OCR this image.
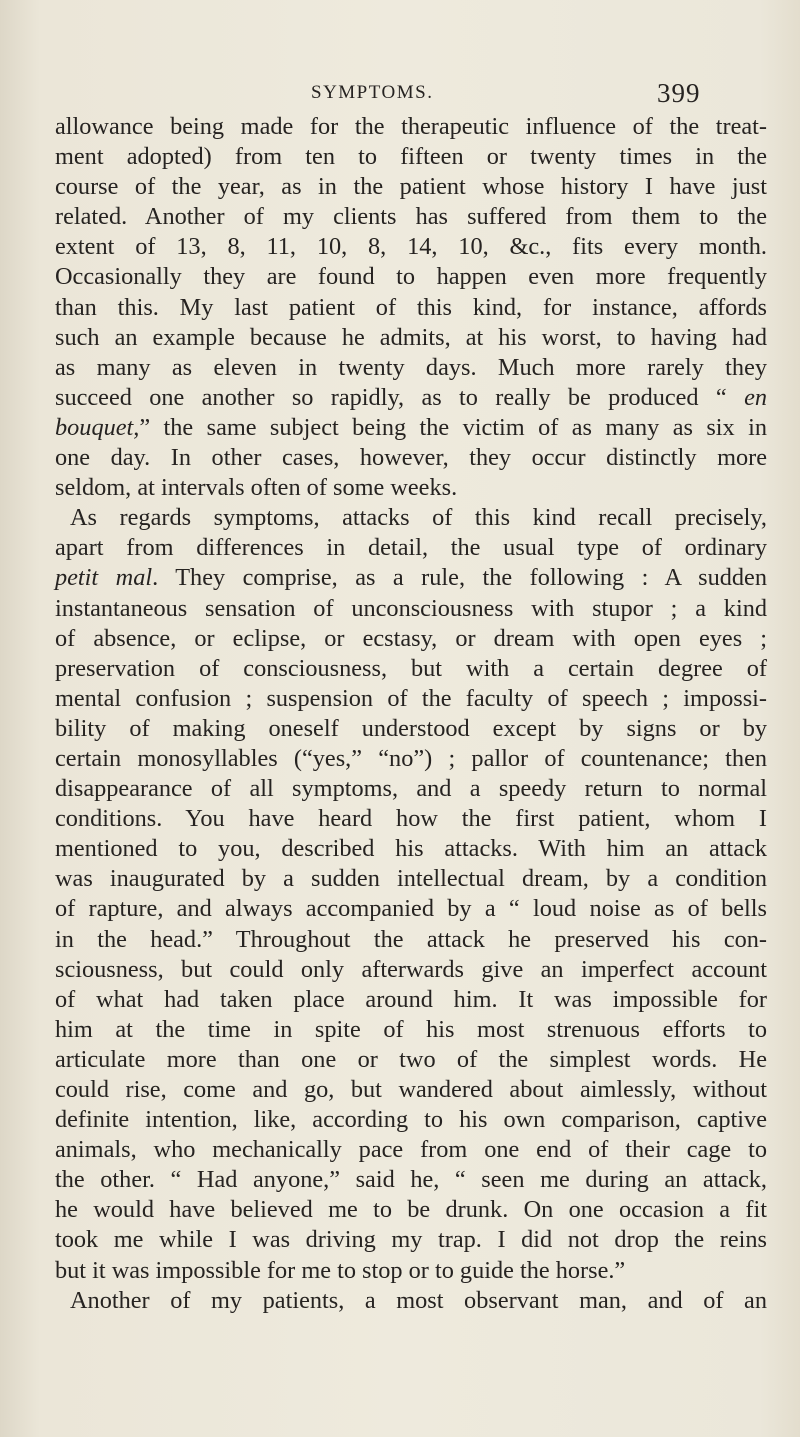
SYMPTOMS.	399
allowance being made for the therapeutic influence of the treat-
ment adopted) from ten to fifteen or twenty times in the
course of the year, as in the patient whose history I have just
related. Another of my clients has suffered from them to the
extent of 13, 8, 11, 10, 8, 14, 10, &c., fits every month.
Occasionally they are found to happen even more frequently
than this. My last patient of this kind, for instance, affords
such an example because he admits, at his worst, to having had
as many as eleven in twenty days. Much more rarely they
succeed one another so rapidly, as to really be produced “ en
bouquet,” the same subject being the victim of as many as six in
one day. In other cases, however, they occur distinctly more
seldom, at intervals often of some weeks.
As regards symptoms, attacks of this kind recall precisely,
apart from differences in detail, the usual type of ordinary
petit mal. They comprise, as a rule, the following : A sudden
instantaneous sensation of unconsciousness with stupor ; a kind
of absence, or eclipse, or ecstasy, or dream with open eyes ;
preservation of consciousness, but with a certain degree of
mental confusion ; suspension of the faculty of speech ; impossi-
bility of making oneself understood except by signs or by
certain monosyllables (“yes,” “no”) ; pallor of countenance; then
disappearance of all symptoms, and a speedy return to normal
conditions. You have heard how the first patient, whom I
mentioned to you, described his attacks. With him an attack
was inaugurated by a sudden intellectual dream, by a condition
of rapture, and always accompanied by a “ loud noise as of bells
in the head.” Throughout the attack he preserved his con-
sciousness, but could only afterwards give an imperfect account
of what had taken place around him. It was impossible for
him at the time in spite of his most strenuous efforts to
articulate more than one or two of the simplest words. He
could rise, come and go, but wandered about aimlessly, without
definite intention, like, according to his own comparison, captive
animals, who mechanically pace from one end of their cage to
the other. “ Had anyone,” said he, “ seen me during an attack,
he would have believed me to be drunk. On one occasion a fit
took me while I was driving my trap. I did not drop the reins
but it was impossible for me to stop or to guide the horse.”
Another of my patients, a most observant man, and of an
